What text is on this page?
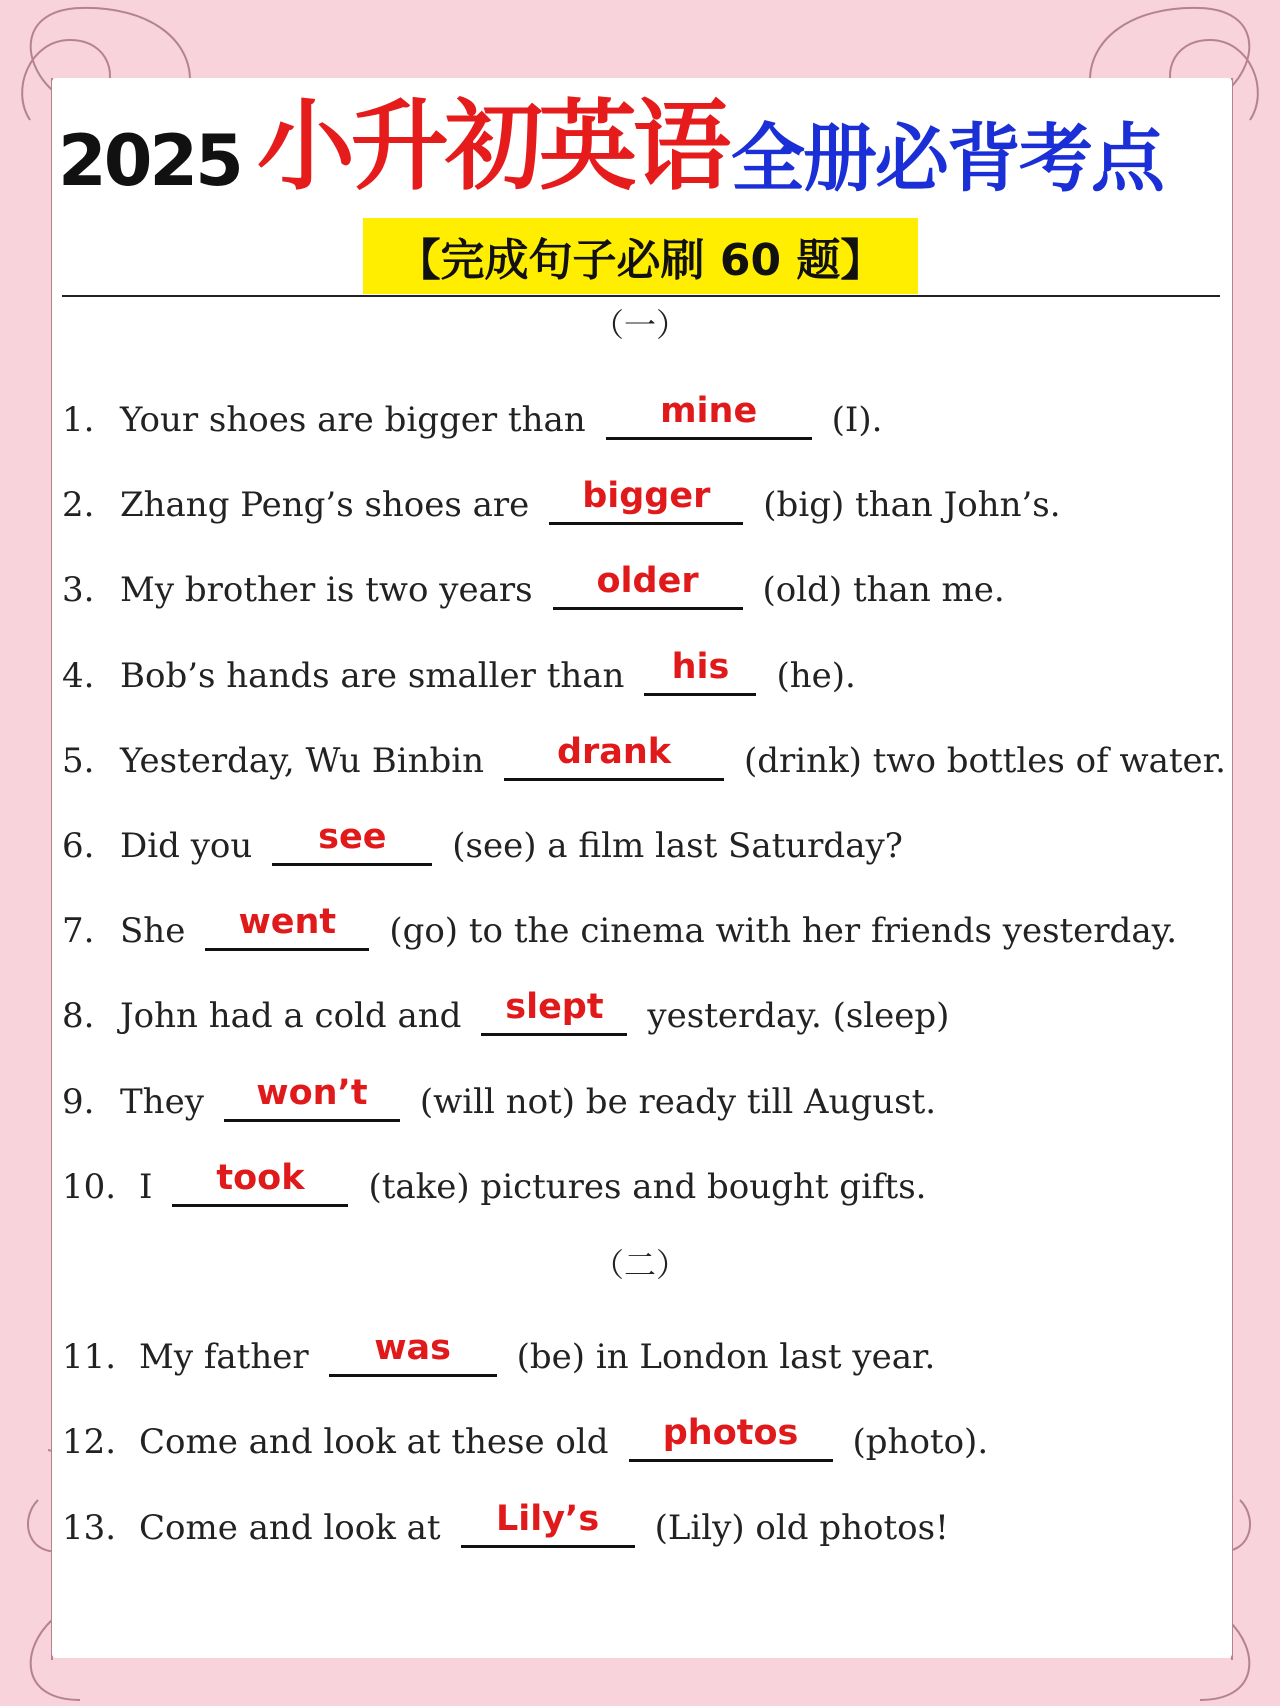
2025 小升初英语 全册必背考点
【完成句子必刷 60 题】
（一）
1. Your shoes are bigger than	mine	(I).
2. Zhang Peng’s shoes are	bigger	(big) than John’s.
3. My brother is two years	older	(old) than me.
4. Bob’s hands are smaller than	his	(he).
5. Yesterday, Wu Binbin	drank	(drink) two bottles of water.
6. Did you	see	(see) a film last Saturday?
7. She	went	(go) to the cinema with her friends yesterday.
8. John had a cold and	slept	yesterday. (sleep)
9. They	won’t	(will not) be ready till August.
10. I	took	(take) pictures and bought gifts.
（二）
11. My father	was	(be) in London last year.
12. Come and look at these old	photos	(photo).
13. Come and look at	Lily’s	(Lily) old photos!
